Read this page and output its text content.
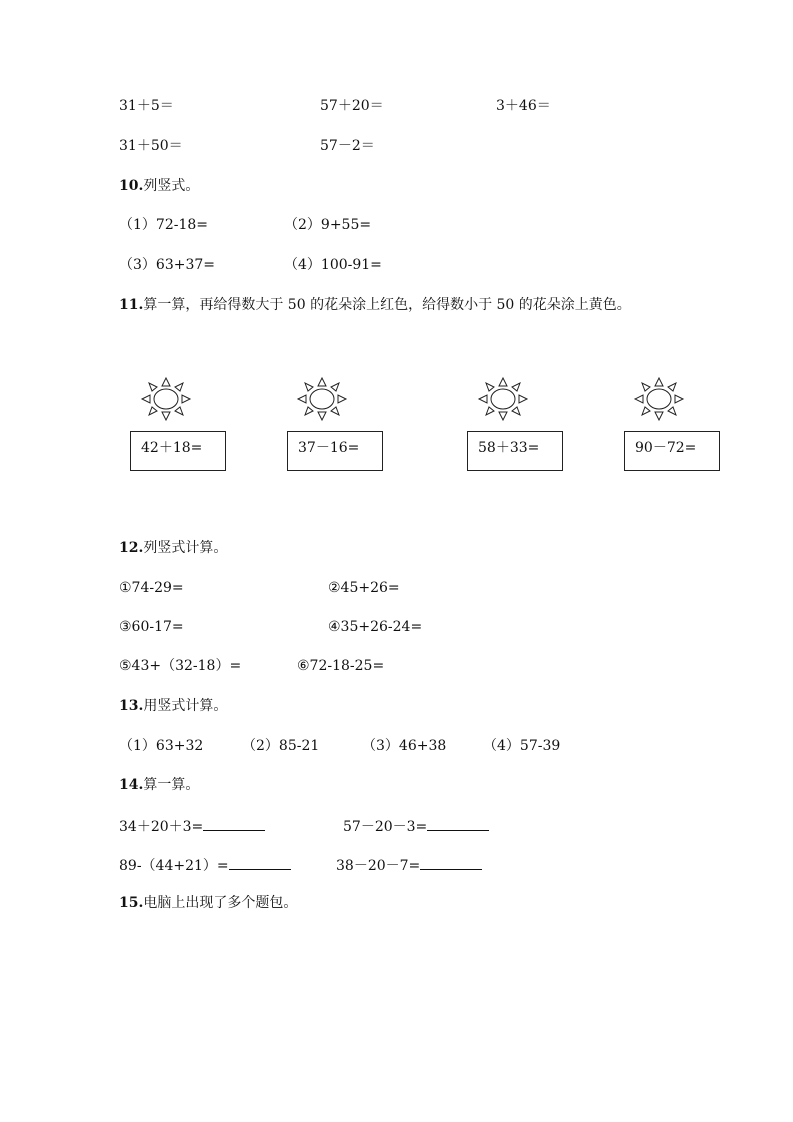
31＋5＝	57＋20＝	3＋46＝
31＋50＝	57－2＝
10.列竖式。
（1）72-18=	（2）9+55=
（3）63+37=	（4）100-91=
11.算一算，再给得数大于 50 的花朵涂上红色，给得数小于 50 的花朵涂上黄色。
42＋18=	37－16=	58＋33=	90－72=
12.列竖式计算。
①74-29=	②45+26=
③60-17=	④35+26-24=
⑤43+（32-18）=	⑥72-18-25=
13.用竖式计算。
（1）63+32	（2）85-21	（3）46+38	（4）57-39
14.算一算。
34＋20＋3=	57－20－3=
89-（44+21）=	38－20－7=
15.电脑上出现了多个题包。
